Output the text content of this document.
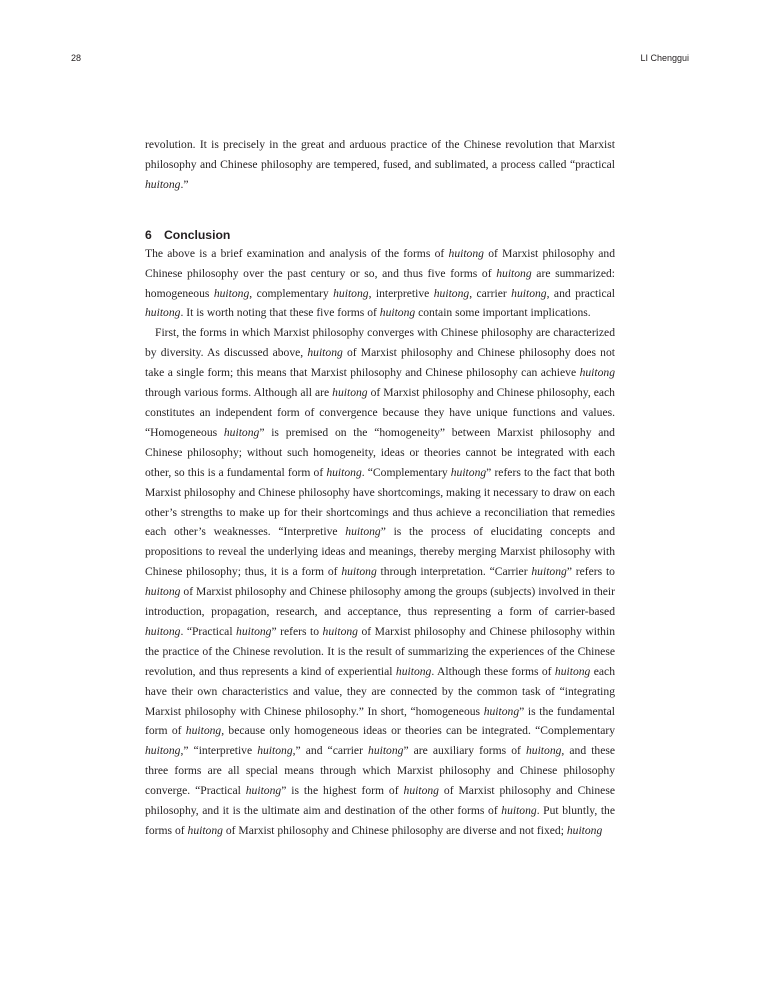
28	LI Chenggui

revolution. It is precisely in the great and arduous practice of the Chinese revolution that Marxist philosophy and Chinese philosophy are tempered, fused, and sublimated, a process called “practical huitong.”

6 Conclusion

The above is a brief examination and analysis of the forms of huitong of Marxist philosophy and Chinese philosophy over the past century or so, and thus five forms of huitong are summarized: homogeneous huitong, complementary huitong, interpretive huitong, carrier huitong, and practical huitong. It is worth noting that these five forms of huitong contain some important implications.

First, the forms in which Marxist philosophy converges with Chinese philosophy are characterized by diversity. As discussed above, huitong of Marxist philosophy and Chinese philosophy does not take a single form; this means that Marxist philosophy and Chinese philosophy can achieve huitong through various forms. Although all are huitong of Marxist philosophy and Chinese philosophy, each constitutes an independent form of convergence because they have unique functions and values. “Homogeneous huitong” is premised on the “homogeneity” between Marxist philosophy and Chinese philosophy; without such homogeneity, ideas or theories cannot be integrated with each other, so this is a fundamental form of huitong. “Complementary huitong” refers to the fact that both Marxist philosophy and Chinese philosophy have shortcomings, making it necessary to draw on each other’s strengths to make up for their shortcomings and thus achieve a reconciliation that remedies each other’s weaknesses. “Interpretive huitong” is the process of elucidating concepts and propositions to reveal the underlying ideas and meanings, thereby merging Marxist philosophy with Chinese philosophy; thus, it is a form of huitong through interpretation. “Carrier huitong” refers to huitong of Marxist philosophy and Chinese philosophy among the groups (subjects) involved in their introduction, propagation, research, and acceptance, thus representing a form of carrier-based huitong. “Practical huitong” refers to huitong of Marxist philosophy and Chinese philosophy within the practice of the Chinese revolution. It is the result of summarizing the experiences of the Chinese revolution, and thus represents a kind of experiential huitong. Although these forms of huitong each have their own characteristics and value, they are connected by the common task of “integrating Marxist philosophy with Chinese philosophy.” In short, “homogeneous huitong” is the fundamental form of huitong, because only homogeneous ideas or theories can be integrated. “Complementary huitong,” “interpretive huitong,” and “carrier huitong” are auxiliary forms of huitong, and these three forms are all special means through which Marxist philosophy and Chinese philosophy converge. “Practical huitong” is the highest form of huitong of Marxist philosophy and Chinese philosophy, and it is the ultimate aim and destination of the other forms of huitong. Put bluntly, the forms of huitong of Marxist philosophy and Chinese philosophy are diverse and not fixed; huitong
